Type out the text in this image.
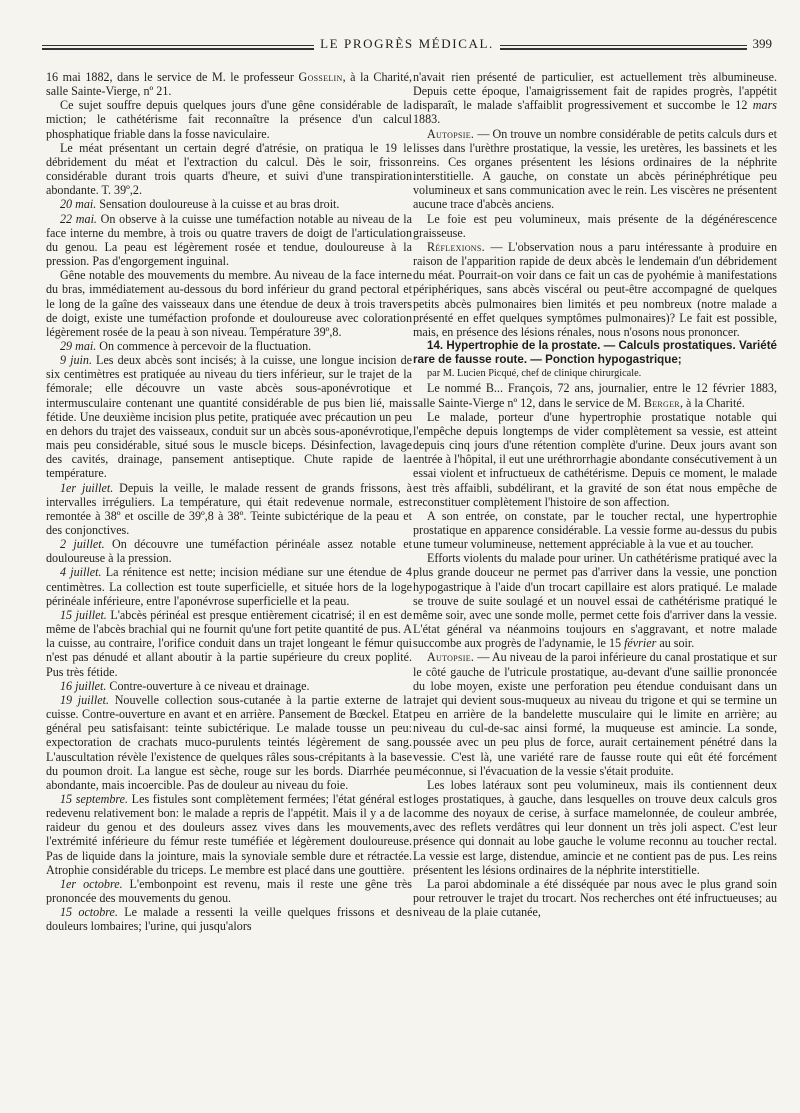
LE PROGRÈS MÉDICAL.	399

16 mai 1882, dans le service de M. le professeur Gosselin, à la Charité, salle Sainte-Vierge, nº 21.

Ce sujet souffre depuis quelques jours d'une gêne considérable de la miction; le cathétérisme fait reconnaître la présence d'un calcul phosphatique friable dans la fosse naviculaire.

Le méat présentant un certain degré d'atrésie, on pratiqua le 19 le débridement du méat et l'extraction du calcul. Dès le soir, frisson considérable durant trois quarts d'heure, et suivi d'une transpiration abondante. T. 39º,2.

20 mai. Sensation douloureuse à la cuisse et au bras droit.

22 mai. On observe à la cuisse une tuméfaction notable au niveau de la face interne du membre, à trois ou quatre travers de doigt de l'articulation du genou. La peau est légèrement rosée et tendue, douloureuse à la pression. Pas d'engorgement inguinal.

Gêne notable des mouvements du membre. Au niveau de la face interne du bras, immédiatement au-dessous du bord inférieur du grand pectoral et le long de la gaîne des vaisseaux dans une étendue de deux à trois travers de doigt, existe une tuméfaction profonde et douloureuse avec coloration légèrement rosée de la peau à son niveau. Température 39º,8.

29 mai. On commence à percevoir de la fluctuation.

9 juin. Les deux abcès sont incisés; à la cuisse, une longue incision de six centimètres est pratiquée au niveau du tiers inférieur, sur le trajet de la fémorale; elle découvre un vaste abcès sous-aponévrotique et intermusculaire contenant une quantité considérable de pus bien lié, mais fétide. Une deuxième incision plus petite, pratiquée avec précaution un peu en dehors du trajet des vaisseaux, conduit sur un abcès sous-aponévrotique, mais peu considérable, situé sous le muscle biceps. Désinfection, lavage des cavités, drainage, pansement antiseptique. Chute rapide de la température.

1er juillet. Depuis la veille, le malade ressent de grands frissons, à intervalles irréguliers. La température, qui était redevenue normale, est remontée à 38º et oscille de 39º,8 à 38º. Teinte subictérique de la peau et des conjonctives.

2 juillet. On découvre une tuméfaction périnéale assez notable et douloureuse à la pression.

4 juillet. La rénitence est nette; incision médiane sur une étendue de 4 centimètres. La collection est toute superficielle, et située hors de la loge périnéale inférieure, entre l'aponévrose superficielle et la peau.

15 juillet. L'abcès périnéal est presque entièrement cicatrisé; il en est de même de l'abcès brachial qui ne fournit qu'une fort petite quantité de pus. A la cuisse, au contraire, l'orifice conduit dans un trajet longeant le fémur qui n'est pas dénudé et allant aboutir à la partie supérieure du creux poplité. Pus très fétide.

16 juillet. Contre-ouverture à ce niveau et drainage.

19 juillet. Nouvelle collection sous-cutanée à la partie externe de la cuisse. Contre-ouverture en avant et en arrière. Pansement de Bœckel. Etat général peu satisfaisant: teinte subictérique. Le malade tousse un peu: expectoration de crachats muco-purulents teintés légèrement de sang. L'auscultation révèle l'existence de quelques râles sous-crépitants à la base du poumon droit. La langue est sèche, rouge sur les bords. Diarrhée peu abondante, mais incoercible. Pas de douleur au niveau du foie.

15 septembre. Les fistules sont complètement fermées; l'état général est redevenu relativement bon: le malade a repris de l'appétit. Mais il y a de la raideur du genou et des douleurs assez vives dans les mouvements, l'extrémité inférieure du fémur reste tuméfiée et légèrement douloureuse. Pas de liquide dans la jointure, mais la synoviale semble dure et rétractée. Atrophie considérable du triceps. Le membre est placé dans une gouttière.

1er octobre. L'embonpoint est revenu, mais il reste une gêne très prononcée des mouvements du genou.

15 octobre. Le malade a ressenti la veille quelques frissons et des douleurs lombaires; l'urine, qui jusqu'alors

n'avait rien présenté de particulier, est actuellement très albumineuse. Depuis cette époque, l'amaigrissement fait de rapides progrès, l'appétit disparaît, le malade s'affaiblit progressivement et succombe le 12 mars 1883.

Autopsie. — On trouve un nombre considérable de petits calculs durs et lisses dans l'urèthre prostatique, la vessie, les uretères, les bassinets et les reins. Ces organes présentent les lésions ordinaires de la néphrite interstitielle. A gauche, on constate un abcès périnéphrétique peu volumineux et sans communication avec le rein. Les viscères ne présentent aucune trace d'abcès anciens.

Le foie est peu volumineux, mais présente de la dégénérescence graisseuse.

Réflexions. — L'observation nous a paru intéressante à produire en raison de l'apparition rapide de deux abcès le lendemain d'un débridement du méat. Pourrait-on voir dans ce fait un cas de pyohémie à manifestations périphériques, sans abcès viscéral ou peut-être accompagné de quelques petits abcès pulmonaires bien limités et peu nombreux (notre malade a présenté en effet quelques symptômes pulmonaires)? Le fait est possible, mais, en présence des lésions rénales, nous n'osons nous prononcer.

14. Hypertrophie de la prostate. — Calculs prostatiques. Variété rare de fausse route. — Ponction hypogastrique;

par M. Lucien Picqué, chef de clinique chirurgicale.

Le nommé B... François, 72 ans, journalier, entre le 12 février 1883, salle Sainte-Vierge nº 12, dans le service de M. Berger, à la Charité.

Le malade, porteur d'une hypertrophie prostatique notable qui l'empêche depuis longtemps de vider complètement sa vessie, est atteint depuis cinq jours d'une rétention complète d'urine. Deux jours avant son entrée à l'hôpital, il eut une uréthrorrhagie abondante consécutivement à un essai violent et infructueux de cathétérisme. Depuis ce moment, le malade est très affaibli, subdélirant, et la gravité de son état nous empêche de reconstituer complètement l'histoire de son affection.

A son entrée, on constate, par le toucher rectal, une hypertrophie prostatique en apparence considérable. La vessie forme au-dessus du pubis une tumeur volumineuse, nettement appréciable à la vue et au toucher.

Efforts violents du malade pour uriner. Un cathétérisme pratiqué avec la plus grande douceur ne permet pas d'arriver dans la vessie, une ponction hypogastrique à l'aide d'un trocart capillaire est alors pratiqué. Le malade se trouve de suite soulagé et un nouvel essai de cathétérisme pratiqué le même soir, avec une sonde molle, permet cette fois d'arriver dans la vessie. L'état général va néanmoins toujours en s'aggravant, et notre malade succombe aux progrès de l'adynamie, le 15 février au soir.

Autopsie. — Au niveau de la paroi inférieure du canal prostatique et sur le côté gauche de l'utricule prostatique, au-devant d'une saillie prononcée du lobe moyen, existe une perforation peu étendue conduisant dans un trajet qui devient sous-muqueux au niveau du trigone et qui se termine un peu en arrière de la bandelette musculaire qui le limite en arrière; au niveau du cul-de-sac ainsi formé, la muqueuse est amincie. La sonde, poussée avec un peu plus de force, aurait certainement pénétré dans la vessie. C'est là, une variété rare de fausse route qui eût été forcément méconnue, si l'évacuation de la vessie s'était produite.

Les lobes latéraux sont peu volumineux, mais ils contiennent deux loges prostatiques, à gauche, dans lesquelles on trouve deux calculs gros comme des noyaux de cerise, à surface mamelonnée, de couleur ambrée, avec des reflets verdâtres qui leur donnent un très joli aspect. C'est leur présence qui donnait au lobe gauche le volume reconnu au toucher rectal. La vessie est large, distendue, amincie et ne contient pas de pus. Les reins présentent les lésions ordinaires de la néphrite interstitielle.

La paroi abdominale a été disséquée par nous avec le plus grand soin pour retrouver le trajet du trocart. Nos recherches ont été infructueuses; au niveau de la plaie cutanée,
